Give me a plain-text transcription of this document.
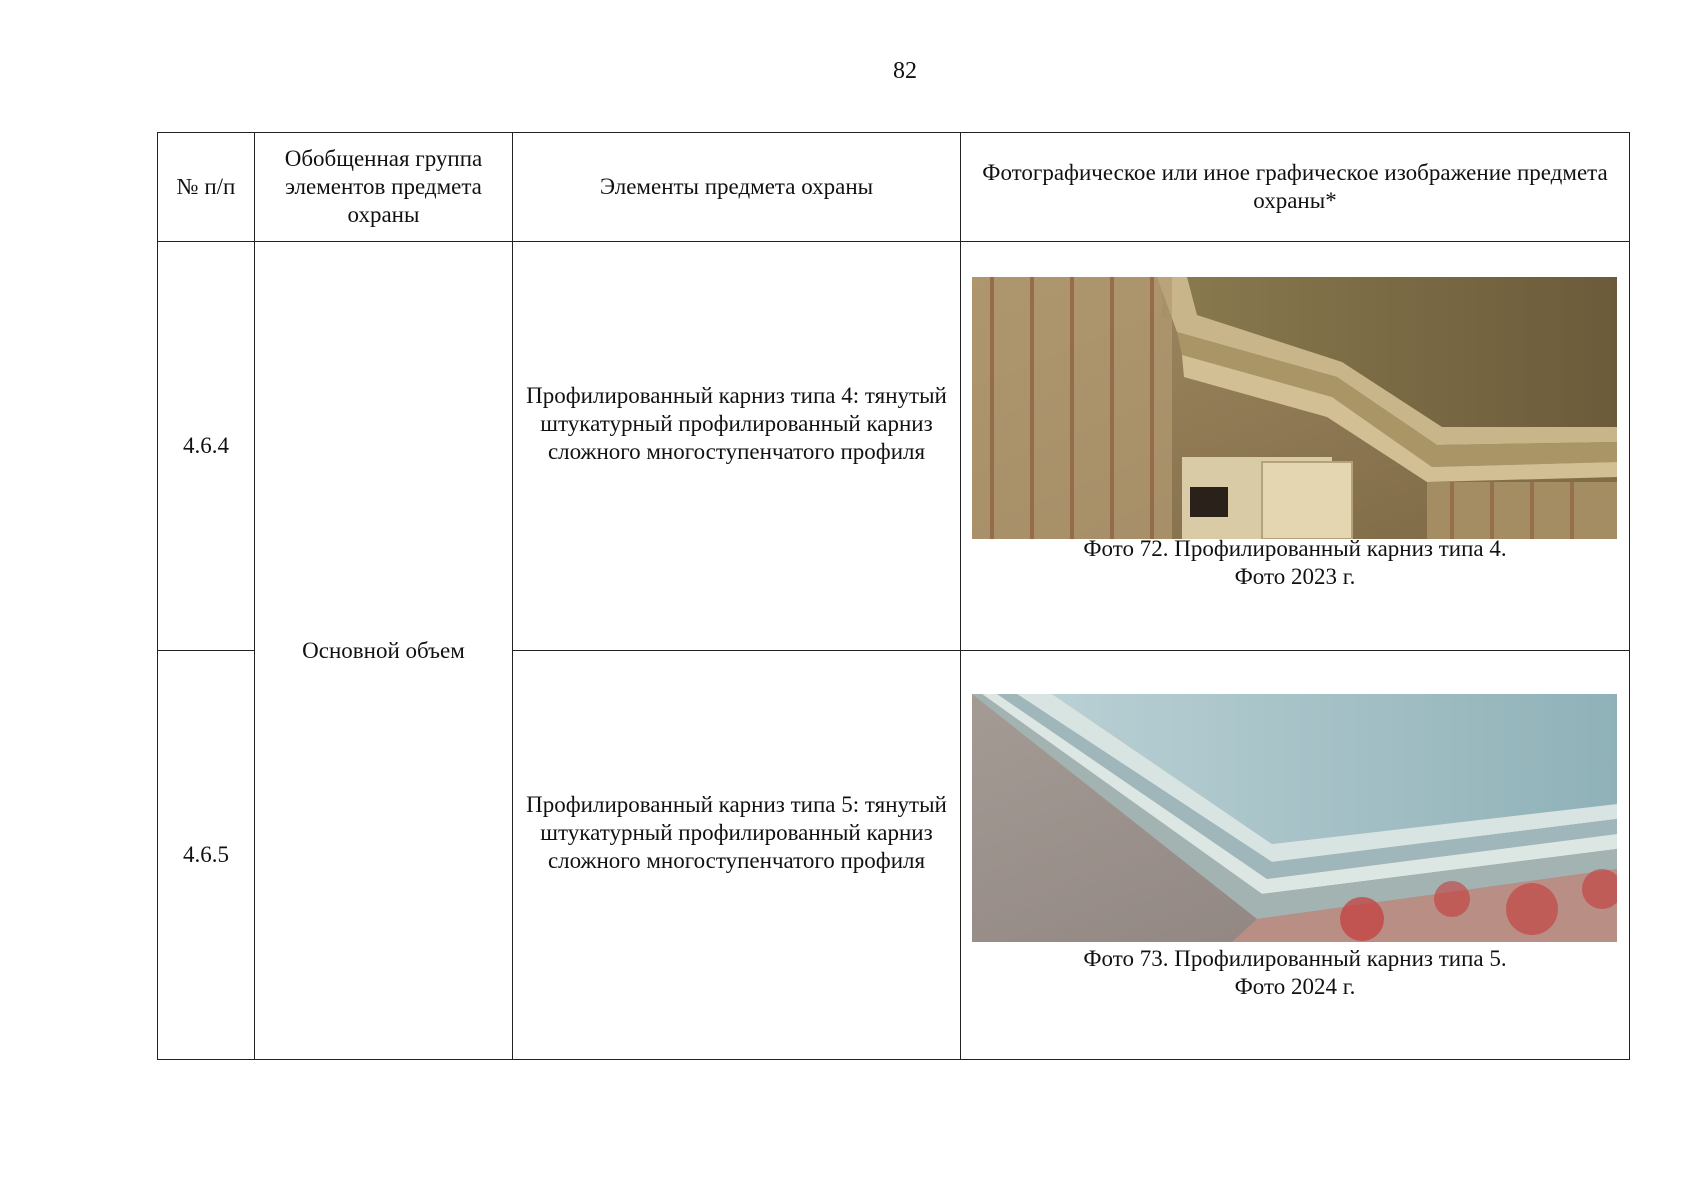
82
№ п/п	Обобщенная группа элементов предмета охраны	Элементы предмета охраны	Фотографическое или иное графическое изображение предмета охраны*
4.6.4	Основной объем	Профилированный карниз типа 4: тянутый штукатурный профилированный карниз сложного многоступенчатого профиля	Фото 72. Профилированный карниз типа 4.
Фото 2023 г.

4.6.5		Профилированный карниз типа 5: тянутый штукатурный профилированный карниз сложного многоступенчатого профиля	Фото 73. Профилированный карниз типа 5.
Фото 2024 г.
